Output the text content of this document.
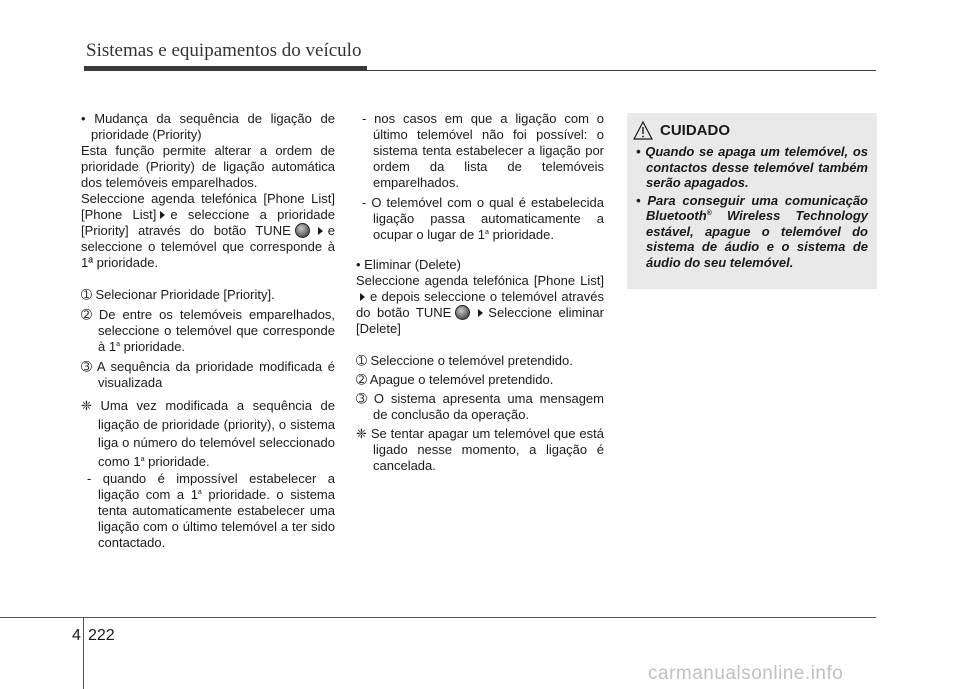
Sistemas e equipamentos do veículo

• Mudança da sequência de ligação de prioridade (Priority)

Esta função permite alterar a ordem de prioridade (Priority) de ligação automática dos telemóveis emparelhados.

Seleccione agenda telefónica [Phone List] [Phone List] e seleccione a prioridade [Priority] através do botão TUNE	e seleccione o telemóvel que corresponde à 1ª prioridade.

➀ Selecionar Prioridade [Priority].

➁ De entre os telemóveis emparelhados, seleccione o telemóvel que corresponde à 1$^a$ prioridade.

➂ A sequência da prioridade modificada é visualizada

❈ Uma vez modificada a sequência de ligação de prioridade (priority), o sistema liga o número do telemóvel seleccionado como 1$^a$ prioridade.

- quando é impossível estabelecer a ligação com a 1$^a$ prioridade. o sistema tenta automaticamente estabelecer uma ligação com o último telemóvel a ter sido contactado.

- nos casos em que a ligação com o último telemóvel não foi possível: o sistema tenta estabelecer a ligação por ordem da lista de telemóveis emparelhados.

- O telemóvel com o qual é estabelecida ligação passa automaticamente a ocupar o lugar de 1$^a$ prioridade.

• Eliminar (Delete)

Seleccione agenda telefónica [Phone List]e depois seleccione o telemóvel através do botão TUNE	Seleccione eliminar [Delete]

➀ Seleccione o telemóvel pretendido.

➁ Apague o telemóvel pretendido.

➂ O sistema apresenta uma mensagem de conclusão da operação.

❈ Se tentar apagar um telemóvel que está ligado nesse momento, a ligação é cancelada.

CUIDADO

• Quando se apaga um telemóvel, os contactos desse telemóvel também serão apagados.

• Para conseguir uma comunicação Bluetooth® Wireless Technology estável, apague o telemóvel do sistema de áudio e o sistema de áudio do seu telemóvel.

4 222
carmanualsonline.info
